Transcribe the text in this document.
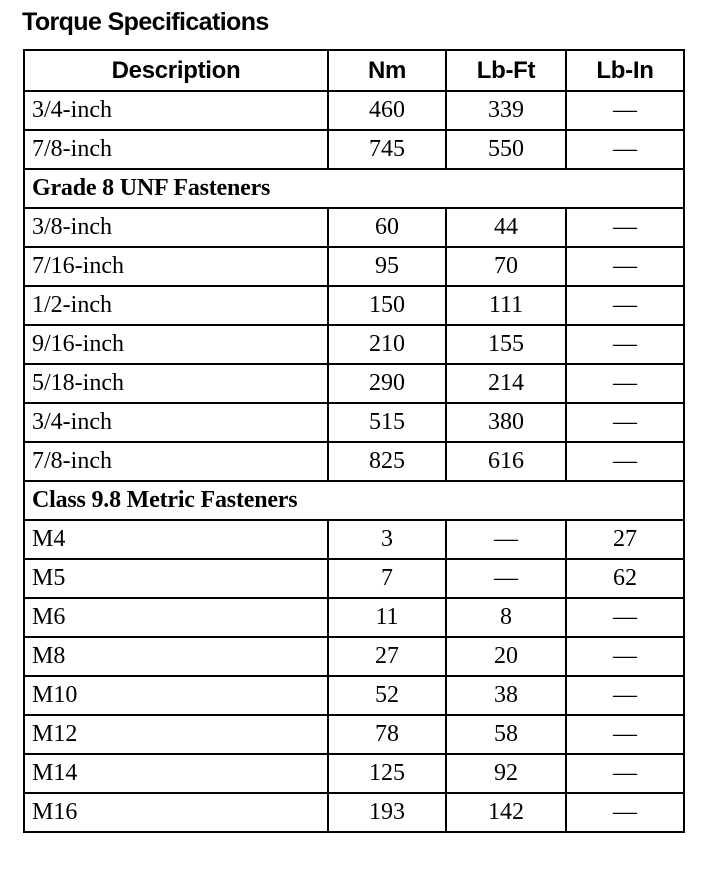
Torque Specifications
Description	Nm	Lb-Ft	Lb-In
3/4-inch	460	339	—
7/8-inch	745	550	—
Grade 8 UNF Fasteners			
3/8-inch	60	44	—
7/16-inch	95	70	—
1/2-inch	150	111	—
9/16-inch	210	155	—
5/18-inch	290	214	—
3/4-inch	515	380	—
7/8-inch	825	616	—
Class 9.8 Metric Fasteners			
M4	3	—	27
M5	7	—	62
M6	11	8	—
M8	27	20	—
M10	52	38	—
M12	78	58	—
M14	125	92	—
M16	193	142	—
